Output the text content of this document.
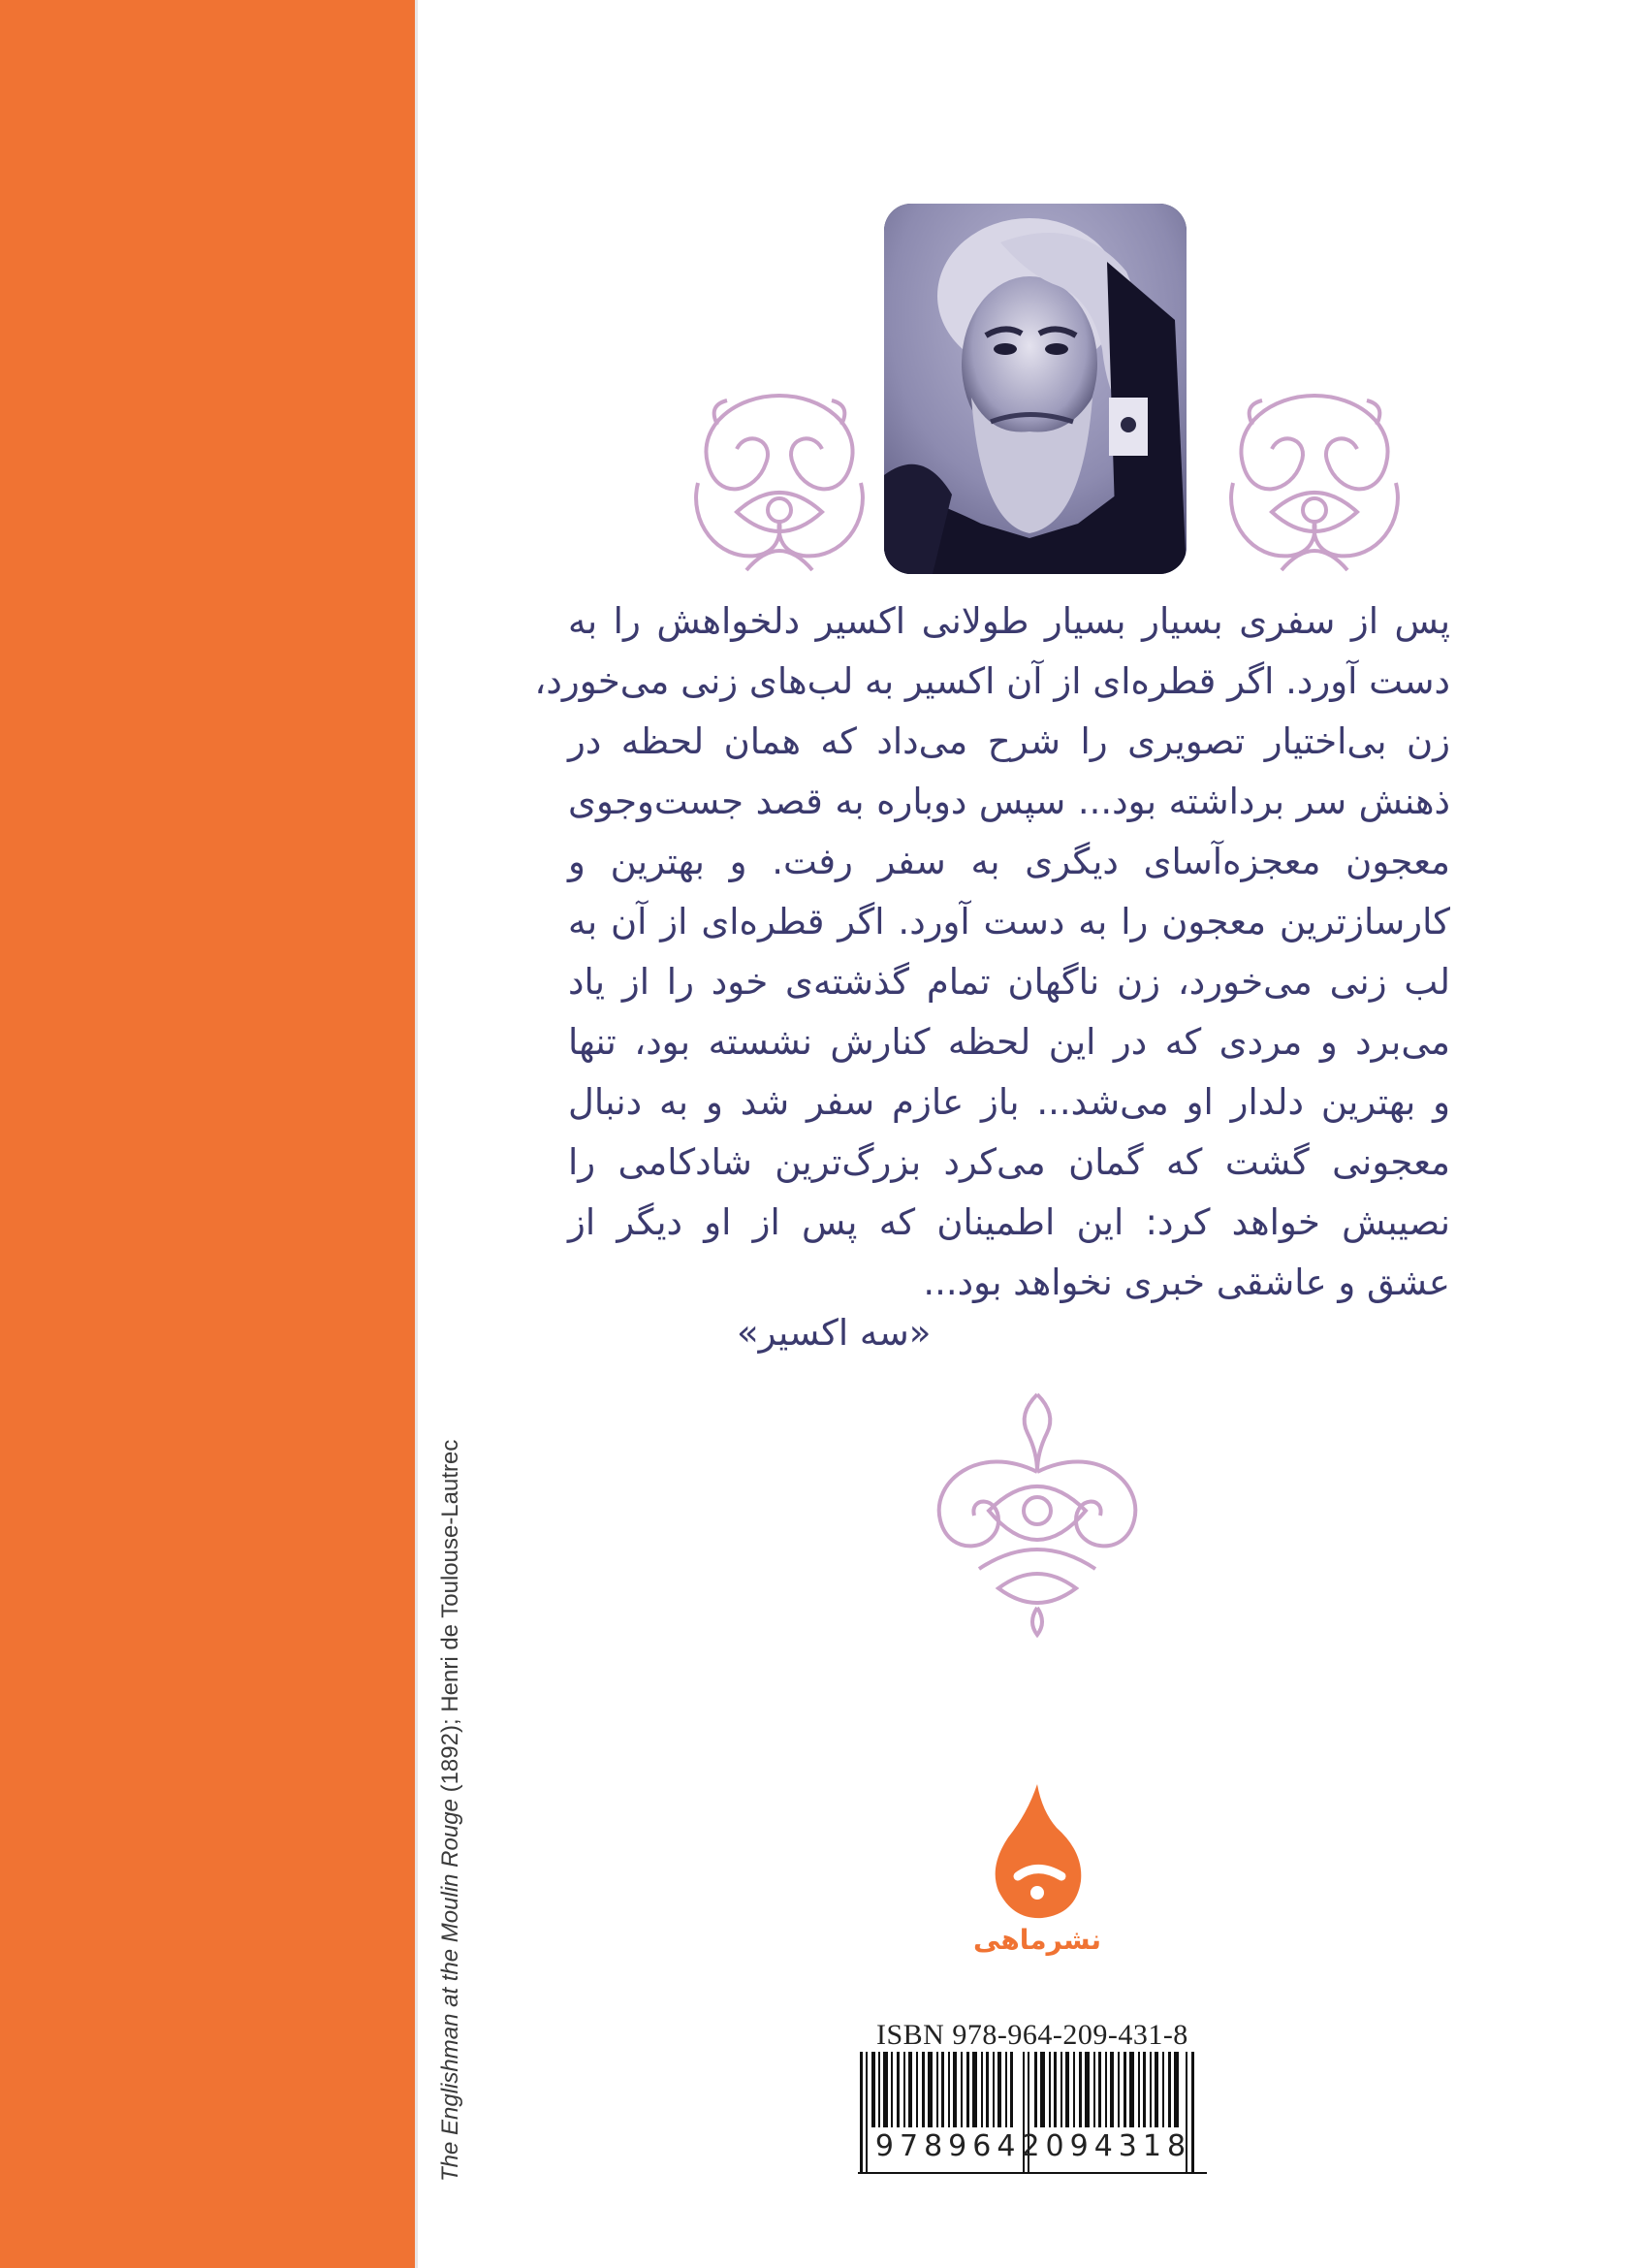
The Englishman at the Moulin Rouge (1892); Henri de Toulouse-Lautrec
پس از سفری بسیار بسیار طولانی اکسیر دلخواهش را به
دست آورد. اگر قطره‌ای از آن اکسیر به لب‌های زنی می‌خورد،
زن بی‌اختیار تصویری را شرح می‌داد که همان لحظه در
ذهنش سر برداشته بود... سپس دوباره به قصد جست‌وجوی
معجون معجزه‌آسای دیگری به سفر رفت. و بهترین و
کارسازترین معجون را به دست آورد. اگر قطره‌ای از آن به
لب زنی می‌خورد، زن ناگهان تمام گذشته‌ی خود را از یاد
می‌برد و مردی که در این لحظه کنارش نشسته بود، تنها
و بهترین دلدار او می‌شد... باز عازم سفر شد و به دنبال
معجونی گشت که گمان می‌کرد بزرگ‌ترین شادکامی را
نصیبش خواهد کرد: این اطمینان که پس از او دیگر از
عشق و عاشقی خبری نخواهد بود...
«سه اکسیر»
نشرماهی
ISBN 978-964-209-431-8
9789642094318
